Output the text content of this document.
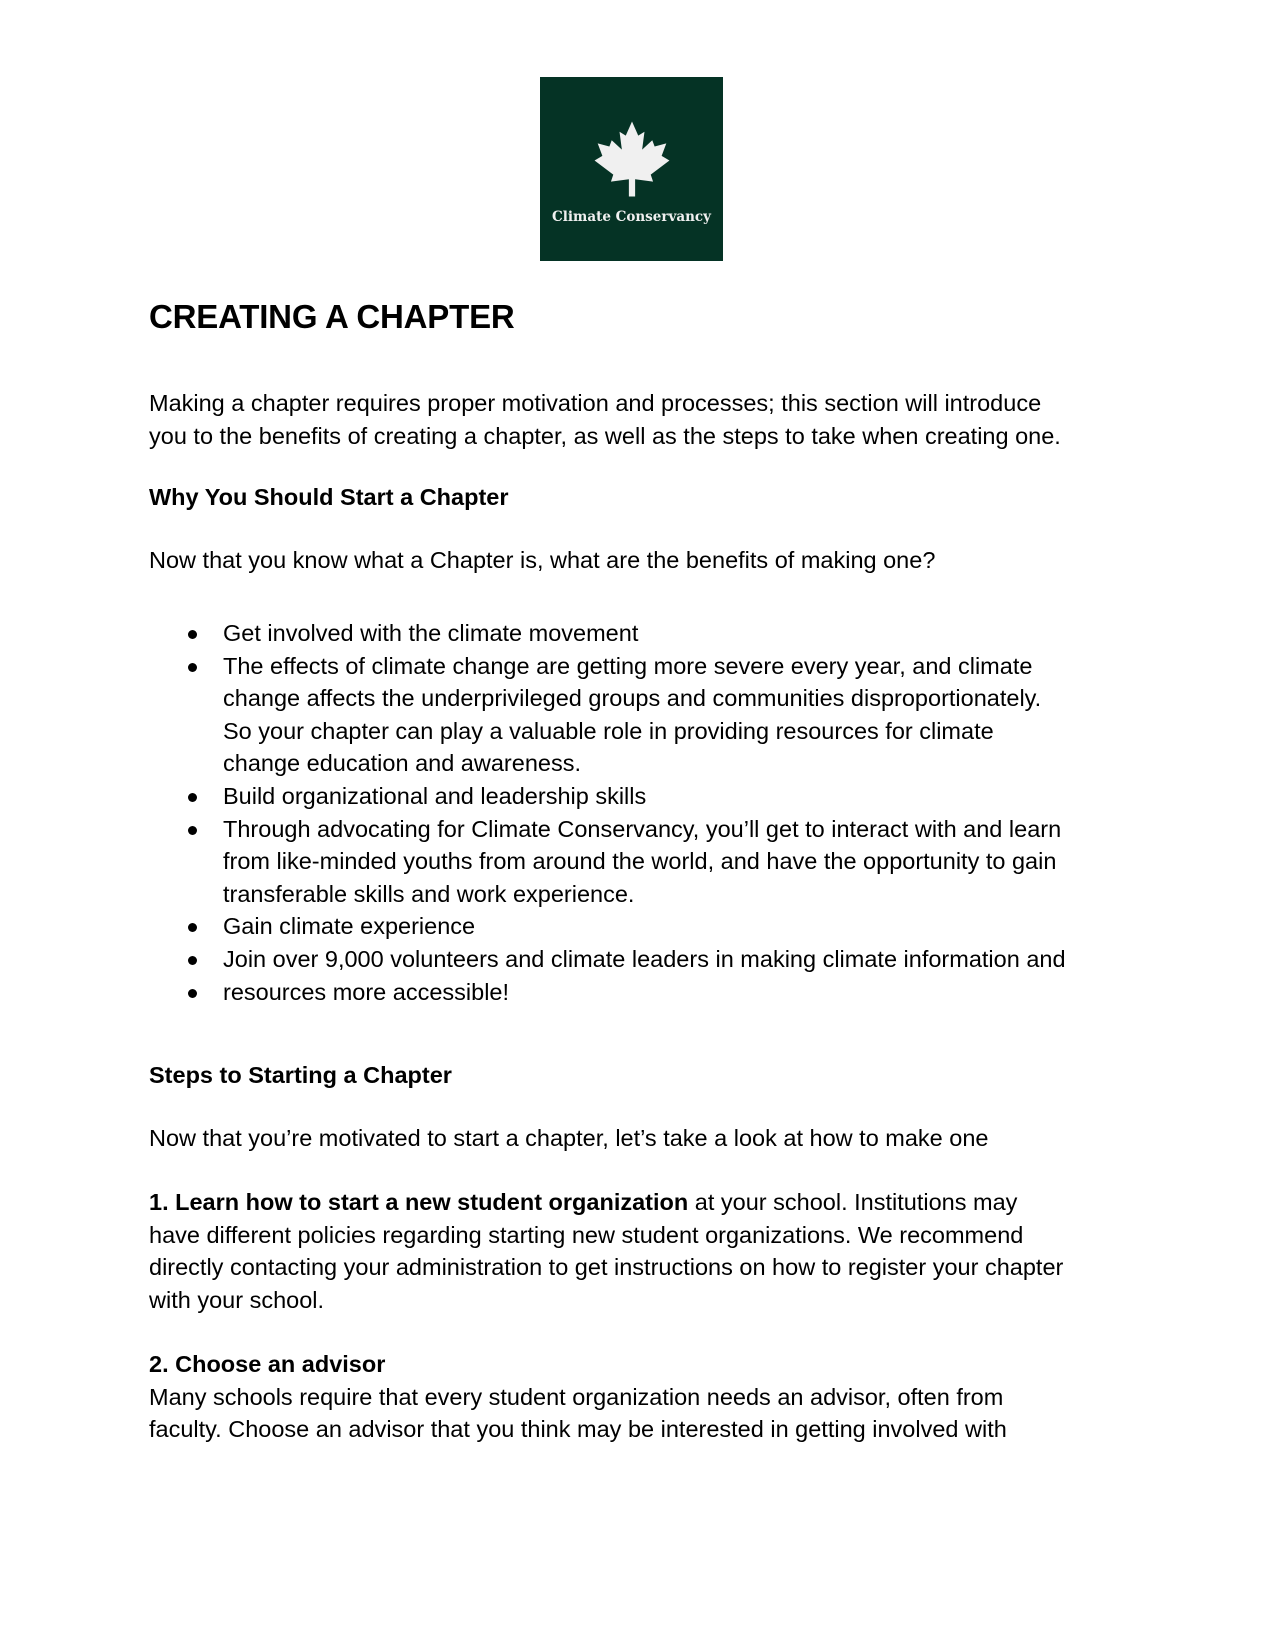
Climate Conservancy
CREATING A CHAPTER

Making a chapter requires proper motivation and processes; this section will introduce

you to the benefits of creating a chapter, as well as the steps to take when creating one.

Why You Should Start a Chapter

Now that you know what a Chapter is, what are the benefits of making one?

Get involved with the climate movement
The effects of climate change are getting more severe every year, and climate
change affects the underprivileged groups and communities disproportionately.
So your chapter can play a valuable role in providing resources for climate
change education and awareness.
Build organizational and leadership skills
Through advocating for Climate Conservancy, you’ll get to interact with and learn
from like-minded youths from around the world, and have the opportunity to gain
transferable skills and work experience.
Gain climate experience
Join over 9,000 volunteers and climate leaders in making climate information and
resources more accessible!

Steps to Starting a Chapter

Now that you’re motivated to start a chapter, let’s take a look at how to make one

1. Learn how to start a new student organization at your school. Institutions may

have different policies regarding starting new student organizations. We recommend

directly contacting your administration to get instructions on how to register your chapter

with your school.

2. Choose an advisor

Many schools require that every student organization needs an advisor, often from

faculty. Choose an advisor that you think may be interested in getting involved with
